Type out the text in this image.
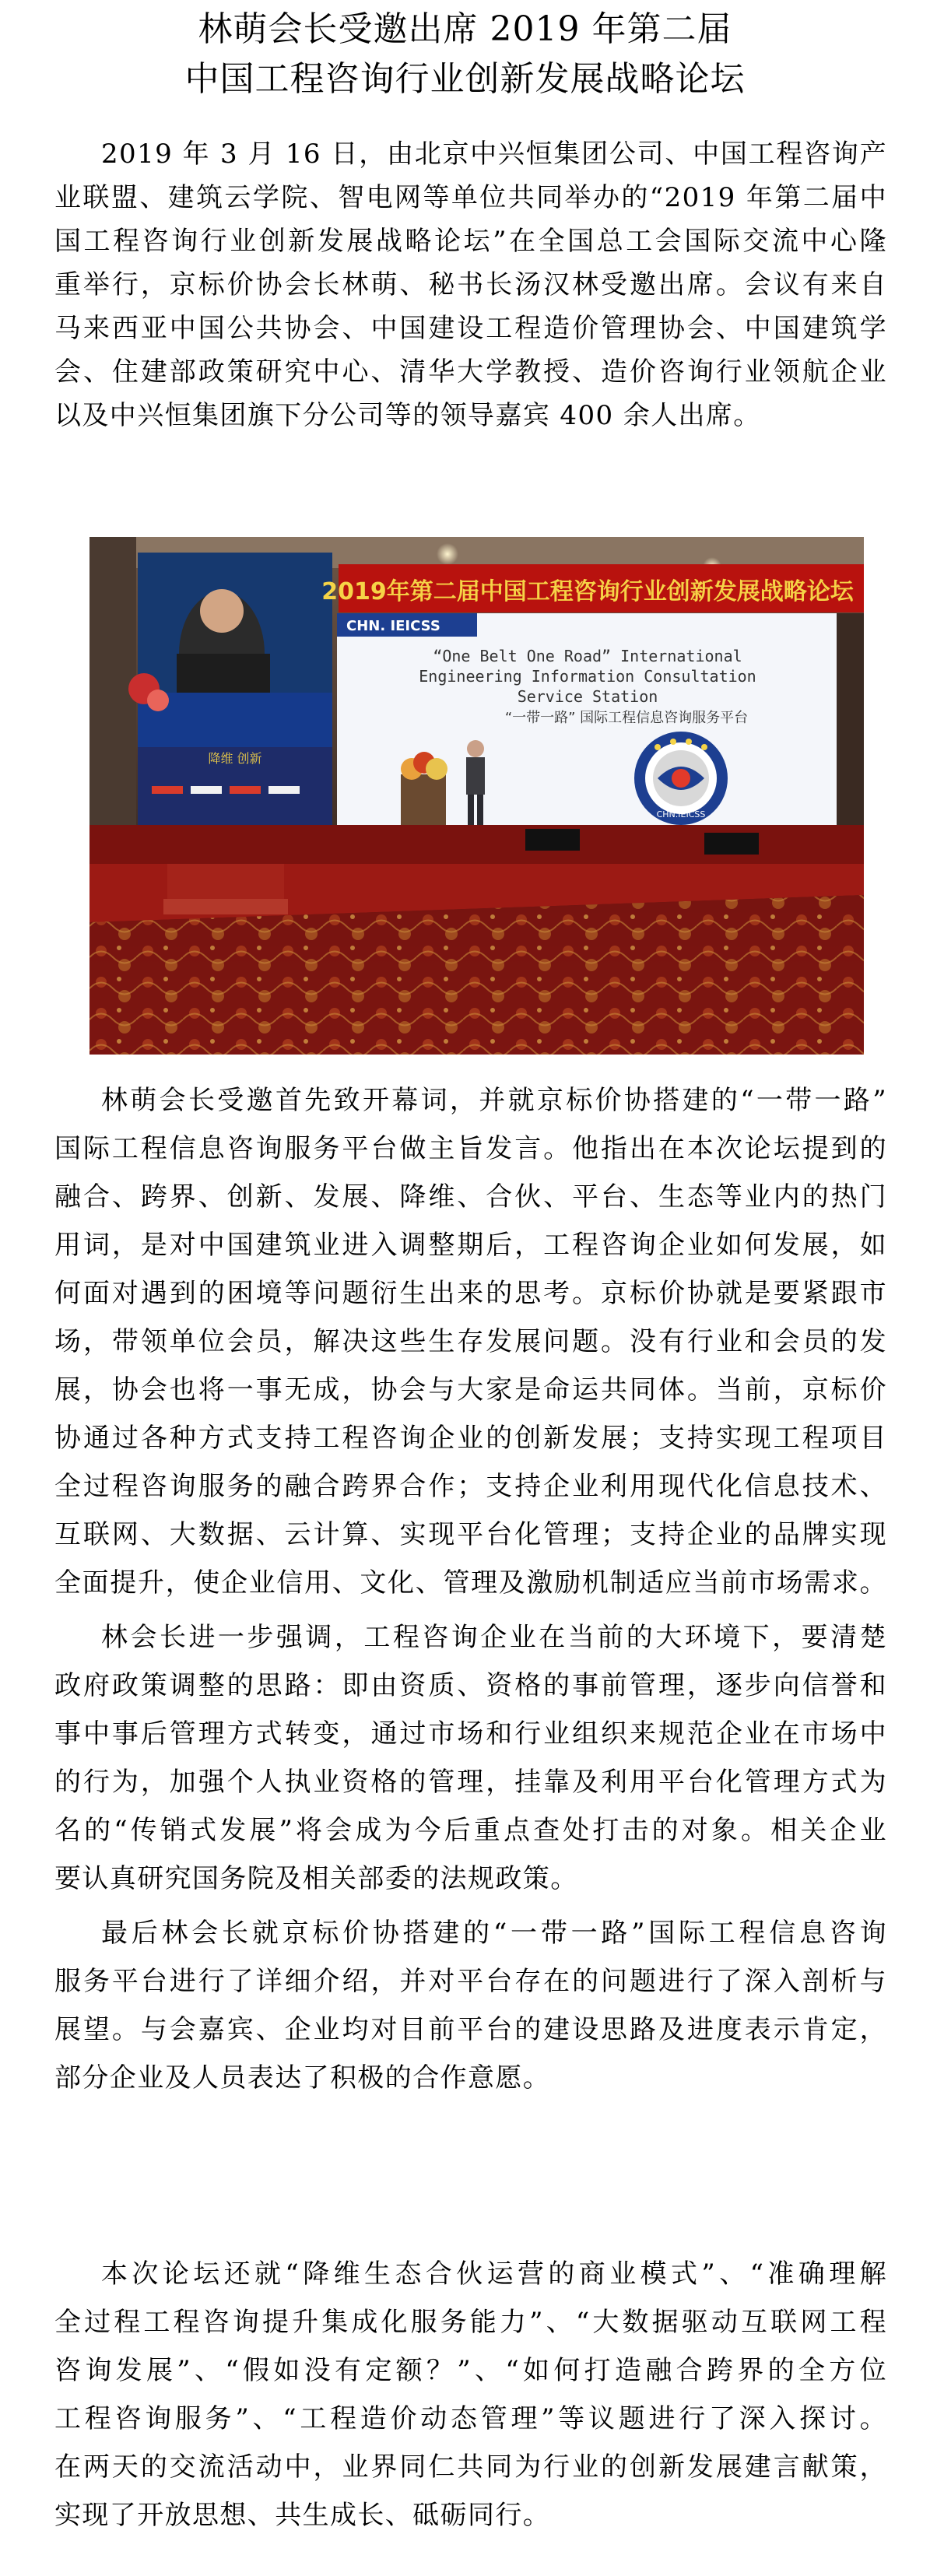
林萌会长受邀出席 2019 年第二届
中国工程咨询行业创新发展战略论坛
2019 年 3 月 16 日，由北京中兴恒集团公司、中国工程咨询产
业联盟、建筑云学院、智电网等单位共同举办的“2019 年第二届中
国工程咨询行业创新发展战略论坛”在全国总工会国际交流中心隆
重举行，京标价协会长林萌、秘书长汤汉林受邀出席。会议有来自
马来西亚中国公共协会、中国建设工程造价管理协会、中国建筑学
会、住建部政策研究中心、清华大学教授、造价咨询行业领航企业
以及中兴恒集团旗下分公司等的领导嘉宾 400 余人出席。
降维 创新
2019年第二届中国工程咨询行业创新发展战略论坛
CHN. IEICSS
“One Belt One Road” International
Engineering Information Consultation
Service Station
“一带一路” 国际工程信息咨询服务平台
CHN.IEICSS
林萌会长受邀首先致开幕词，并就京标价协搭建的“一带一路”
国际工程信息咨询服务平台做主旨发言。他指出在本次论坛提到的
融合、跨界、创新、发展、降维、合伙、平台、生态等业内的热门
用词，是对中国建筑业进入调整期后，工程咨询企业如何发展，如
何面对遇到的困境等问题衍生出来的思考。京标价协就是要紧跟市
场，带领单位会员，解决这些生存发展问题。没有行业和会员的发
展，协会也将一事无成，协会与大家是命运共同体。当前，京标价
协通过各种方式支持工程咨询企业的创新发展；支持实现工程项目
全过程咨询服务的融合跨界合作；支持企业利用现代化信息技术、
互联网、大数据、云计算、实现平台化管理；支持企业的品牌实现
全面提升，使企业信用、文化、管理及激励机制适应当前市场需求。
林会长进一步强调，工程咨询企业在当前的大环境下，要清楚
政府政策调整的思路：即由资质、资格的事前管理，逐步向信誉和
事中事后管理方式转变，通过市场和行业组织来规范企业在市场中
的行为，加强个人执业资格的管理，挂靠及利用平台化管理方式为
名的“传销式发展”将会成为今后重点查处打击的对象。相关企业
要认真研究国务院及相关部委的法规政策。
最后林会长就京标价协搭建的“一带一路”国际工程信息咨询
服务平台进行了详细介绍，并对平台存在的问题进行了深入剖析与
展望。与会嘉宾、企业均对目前平台的建设思路及进度表示肯定，
部分企业及人员表达了积极的合作意愿。
本次论坛还就“降维生态合伙运营的商业模式”、“准确理解
全过程工程咨询提升集成化服务能力”、“大数据驱动互联网工程
咨询发展”、“假如没有定额？”、“如何打造融合跨界的全方位
工程咨询服务”、“工程造价动态管理”等议题进行了深入探讨。
在两天的交流活动中，业界同仁共同为行业的创新发展建言献策，
实现了开放思想、共生成长、砥砺同行。
